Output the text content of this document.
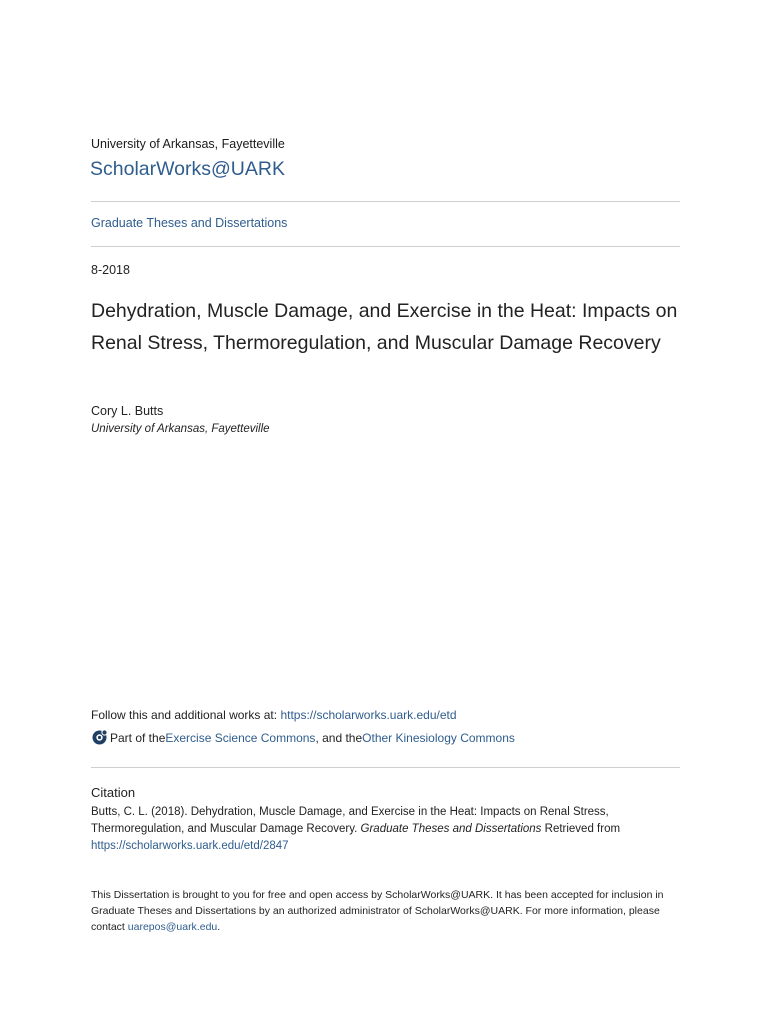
University of Arkansas, Fayetteville
ScholarWorks@UARK
Graduate Theses and Dissertations
8-2018
Dehydration, Muscle Damage, and Exercise in the Heat: Impacts on Renal Stress, Thermoregulation, and Muscular Damage Recovery
Cory L. Butts
University of Arkansas, Fayetteville
Follow this and additional works at: https://scholarworks.uark.edu/etd
Part of the Exercise Science Commons , and the Other Kinesiology Commons
Citation
Butts, C. L. (2018). Dehydration, Muscle Damage, and Exercise in the Heat: Impacts on Renal Stress, Thermoregulation, and Muscular Damage Recovery. Graduate Theses and Dissertations Retrieved from
https://scholarworks.uark.edu/etd/2847
This Dissertation is brought to you for free and open access by ScholarWorks@UARK. It has been accepted for inclusion in Graduate Theses and Dissertations by an authorized administrator of ScholarWorks@UARK. For more information, please contact uarepos@uark.edu.
